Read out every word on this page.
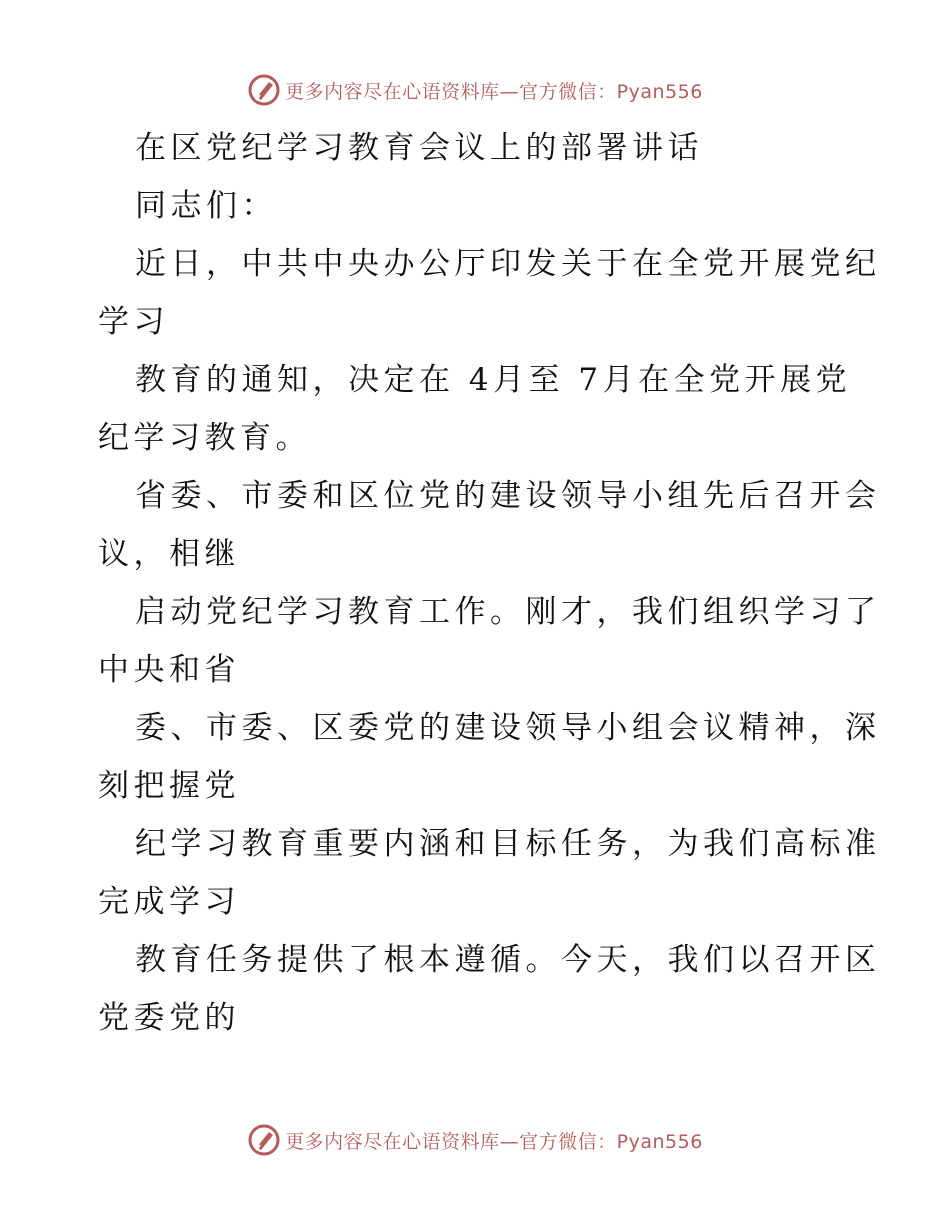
更多内容尽在心语资料库—官方微信：Pyan556
在区党纪学习教育会议上的部署讲话
同志们：
近日，中共中央办公厅印发关于在全党开展党纪
学习
教育的通知，决定在 4月至 7月在全党开展党
纪学习教育。
省委、市委和区位党的建设领导小组先后召开会
议，相继
启动党纪学习教育工作。刚才，我们组织学习了
中央和省
委、市委、区委党的建设领导小组会议精神，深
刻把握党
纪学习教育重要内涵和目标任务，为我们高标准
完成学习
教育任务提供了根本遵循。今天，我们以召开区
党委党的
更多内容尽在心语资料库—官方微信：Pyan556
